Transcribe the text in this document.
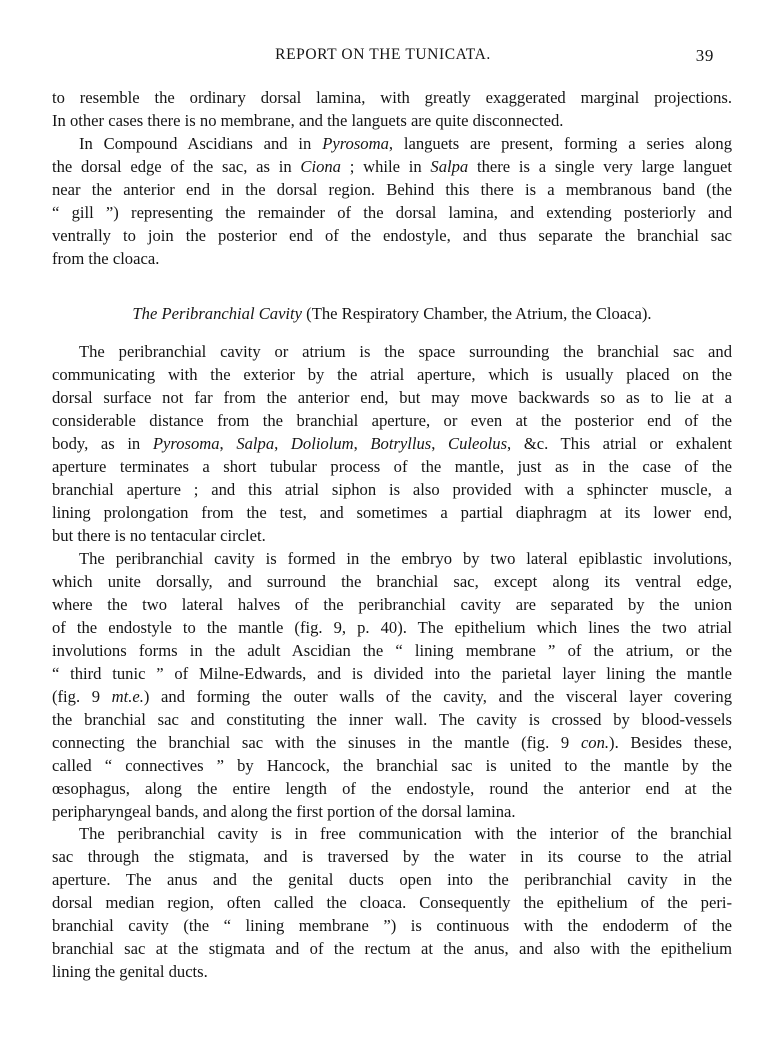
REPORT ON THE TUNICATA.	39
to resemble the ordinary dorsal lamina, with greatly exaggerated marginal projections.
In other cases there is no membrane, and the languets are quite disconnected.
In Compound Ascidians and in Pyrosoma, languets are present, forming a series along
the dorsal edge of the sac, as in Ciona ; while in Salpa there is a single very large languet
near the anterior end in the dorsal region. Behind this there is a membranous band (the
“ gill ”) representing the remainder of the dorsal lamina, and extending posteriorly and
ventrally to join the posterior end of the endostyle, and thus separate the branchial sac
from the cloaca.
The Peribranchial Cavity (The Respiratory Chamber, the Atrium, the Cloaca).
The peribranchial cavity or atrium is the space surrounding the branchial sac and
communicating with the exterior by the atrial aperture, which is usually placed on the
dorsal surface not far from the anterior end, but may move backwards so as to lie at a
considerable distance from the branchial aperture, or even at the posterior end of the
body, as in Pyrosoma, Salpa, Doliolum, Botryllus, Culeolus, &c. This atrial or exhalent
aperture terminates a short tubular process of the mantle, just as in the case of the
branchial aperture ; and this atrial siphon is also provided with a sphincter muscle, a
lining prolongation from the test, and sometimes a partial diaphragm at its lower end,
but there is no tentacular circlet.
The peribranchial cavity is formed in the embryo by two lateral epiblastic involutions,
which unite dorsally, and surround the branchial sac, except along its ventral edge,
where the two lateral halves of the peribranchial cavity are separated by the union
of the endostyle to the mantle (fig. 9, p. 40). The epithelium which lines the two atrial
involutions forms in the adult Ascidian the “ lining membrane ” of the atrium, or the
“ third tunic ” of Milne-Edwards, and is divided into the parietal layer lining the mantle
(fig. 9 mt.e.) and forming the outer walls of the cavity, and the visceral layer covering
the branchial sac and constituting the inner wall. The cavity is crossed by blood-vessels
connecting the branchial sac with the sinuses in the mantle (fig. 9 con.). Besides these,
called “ connectives ” by Hancock, the branchial sac is united to the mantle by the
œsophagus, along the entire length of the endostyle, round the anterior end at the
peripharyngeal bands, and along the first portion of the dorsal lamina.
The peribranchial cavity is in free communication with the interior of the branchial
sac through the stigmata, and is traversed by the water in its course to the atrial
aperture. The anus and the genital ducts open into the peribranchial cavity in the
dorsal median region, often called the cloaca. Consequently the epithelium of the peri-
branchial cavity (the “ lining membrane ”) is continuous with the endoderm of the
branchial sac at the stigmata and of the rectum at the anus, and also with the epithelium
lining the genital ducts.
